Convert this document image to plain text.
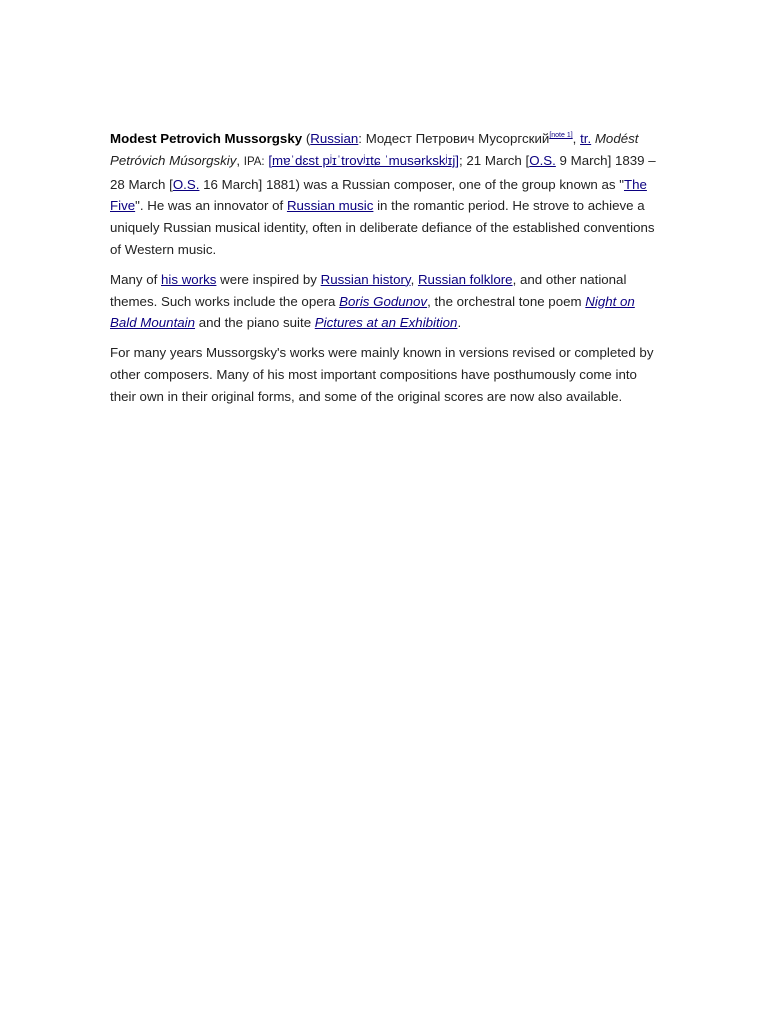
Modest Petrovich Mussorgsky (Russian: Модест Петрович Мусоргский[note 1], tr. Modést Petróvich Músorgskiy, IPA: [mɐˈdɛst pʲɪˈtrovʲɪtɕ ˈmusərkskʲɪj]; 21 March [O.S. 9 March] 1839 – 28 March [O.S. 16 March] 1881) was a Russian composer, one of the group known as "The Five". He was an innovator of Russian music in the romantic period. He strove to achieve a uniquely Russian musical identity, often in deliberate defiance of the established conventions of Western music.

Many of his works were inspired by Russian history, Russian folklore, and other national themes. Such works include the opera Boris Godunov, the orchestral tone poem Night on Bald Mountain and the piano suite Pictures at an Exhibition.

For many years Mussorgsky's works were mainly known in versions revised or completed by other composers. Many of his most important compositions have posthumously come into their own in their original forms, and some of the original scores are now also available.
